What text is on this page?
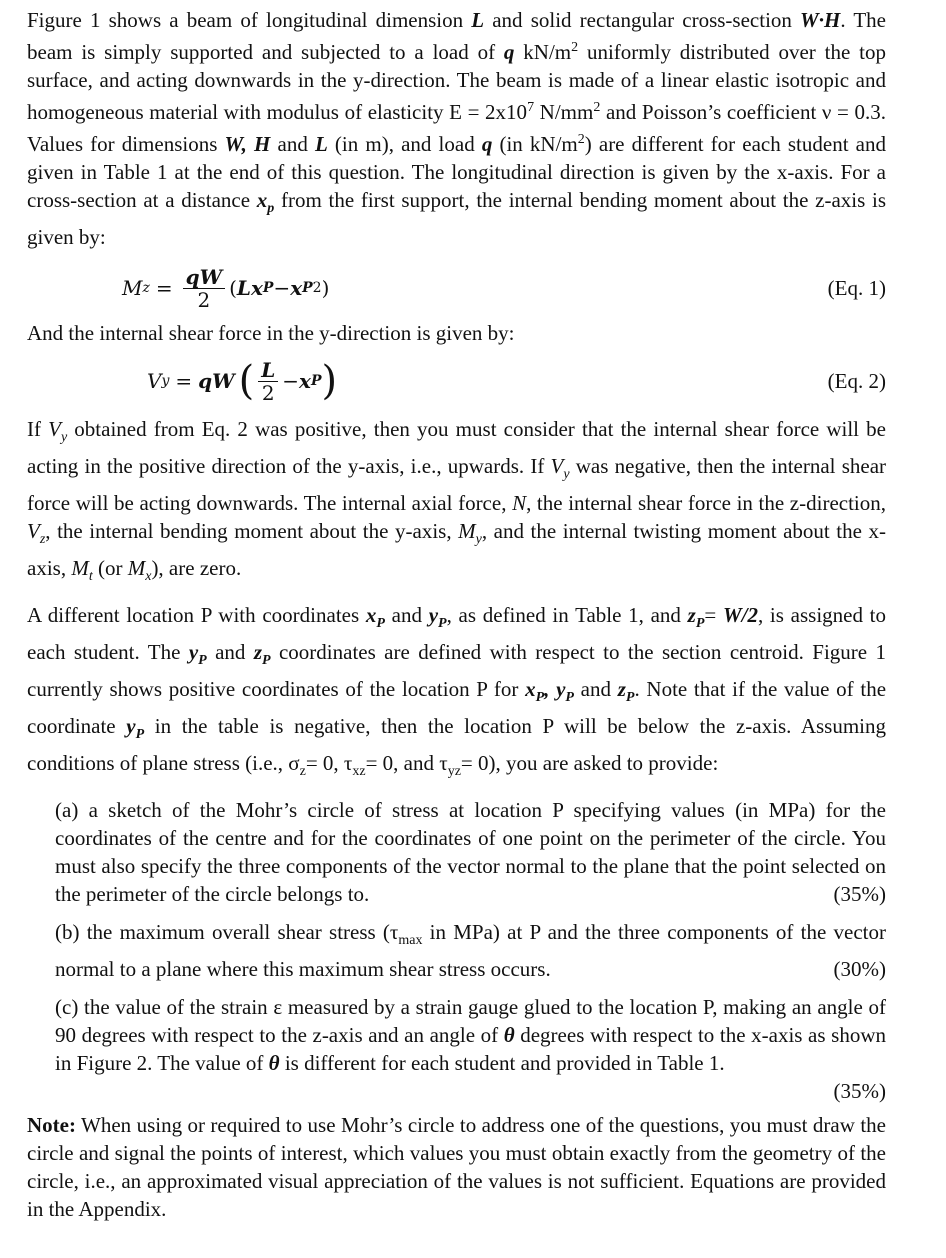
Figure 1 shows a beam of longitudinal dimension L and solid rectangular cross-section W·H. The beam is simply supported and subjected to a load of q $kN/m^2$ uniformly distributed over the top surface, and acting downwards in the y-direction. The beam is made of a linear elastic isotropic and homogeneous material with modulus of elasticity $E = 2x10^7$ $N/mm^2$ and Poisson’s coefficient ν = 0.3. Values for dimensions W, H and L (in m), and load q (in $kN/m^2$) are different for each student and given in Table 1 at the end of this question. The longitudinal direction is given by the x-axis. For a cross-section at a distance $x_p$ from the first support, the internal bending moment about the z-axis is given by:

M $z = \frac{qW}{2}$ ( L x P − x P 2 )	(Eq. 1)

And the internal shear force in the y-direction is given by:

V y = qW ( $\frac{L}{2} - x$ P )	(Eq. 2)

If $V_y$ obtained from Eq. 2 was positive, then you must consider that the internal shear force will be acting in the positive direction of the y-axis, i.e., upwards. If $V_y$ was negative, then the internal shear force will be acting downwards. The internal axial force, N, the internal shear force in the z-direction, $V_z$, the internal bending moment about the y-axis, $M_y$, and the internal twisting moment about the x-axis, $M_t$ (or $M_x$), are zero.

A different location P with coordinates $x_P$ and $y_P$, as defined in Table 1, and $z_P= W/2$, is assigned to each student. The $y_P$ and $z_P$ coordinates are defined with respect to the section centroid. Figure 1 currently shows positive coordinates of the location P for $x_P$, $y_P$ and $z_P$. Note that if the value of the coordinate $y_P$ in the table is negative, then the location P will be below the z-axis. Assuming conditions of plane stress (i.e., $\sigma_z= 0$, $\tau_{xz}= 0$, and $\tau_{yz}= 0$), you are asked to provide:

(a) a sketch of the Mohr’s circle of stress at location P specifying values (in MPa) for the coordinates of the centre and for the coordinates of one point on the perimeter of the circle. You must also specify the three components of the vector normal to the plane that the point selected on the perimeter of the circle belongs to.	(35%)

(b) the maximum overall shear stress ($\tau_{max}$ in MPa) at P and the three components of the vector normal to a plane where this maximum shear stress occurs.	(30%)

(c) the value of the strain ε measured by a strain gauge glued to the location P, making an angle of 90 degrees with respect to the z-axis and an angle of θ degrees with respect to the x-axis as shown in Figure 2. The value of θ is different for each student and provided in Table 1.

(35%)

Note: When using or required to use Mohr’s circle to address one of the questions, you must draw the circle and signal the points of interest, which values you must obtain exactly from the geometry of the circle, i.e., an approximated visual appreciation of the values is not sufficient. Equations are provided in the Appendix.
